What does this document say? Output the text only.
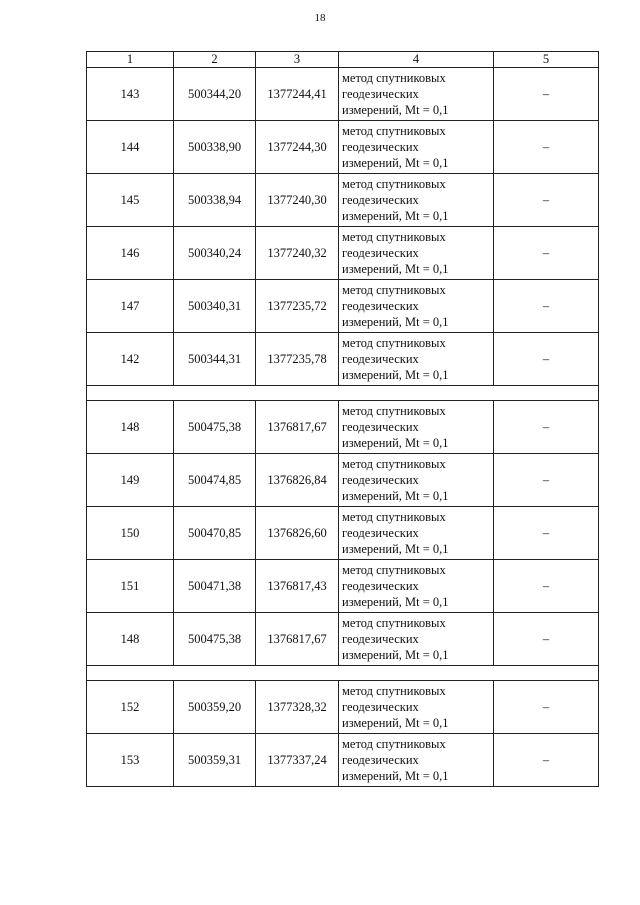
18
1	2	3	4	5
143	500344,20	1377244,41	метод спутниковых
геодезических
измерений, Mt = 0,1	–
144	500338,90	1377244,30	метод спутниковых
геодезических
измерений, Mt = 0,1	–
145	500338,94	1377240,30	метод спутниковых
геодезических
измерений, Mt = 0,1	–
146	500340,24	1377240,32	метод спутниковых
геодезических
измерений, Mt = 0,1	–
147	500340,31	1377235,72	метод спутниковых
геодезических
измерений, Mt = 0,1	–
142	500344,31	1377235,78	метод спутниковых
геодезических
измерений, Mt = 0,1	–

148	500475,38	1376817,67	метод спутниковых
геодезических
измерений, Mt = 0,1	–
149	500474,85	1376826,84	метод спутниковых
геодезических
измерений, Mt = 0,1	–
150	500470,85	1376826,60	метод спутниковых
геодезических
измерений, Mt = 0,1	–
151	500471,38	1376817,43	метод спутниковых
геодезических
измерений, Mt = 0,1	–
148	500475,38	1376817,67	метод спутниковых
геодезических
измерений, Mt = 0,1	–

152	500359,20	1377328,32	метод спутниковых
геодезических
измерений, Mt = 0,1	–
153	500359,31	1377337,24	метод спутниковых
геодезических
измерений, Mt = 0,1	–
